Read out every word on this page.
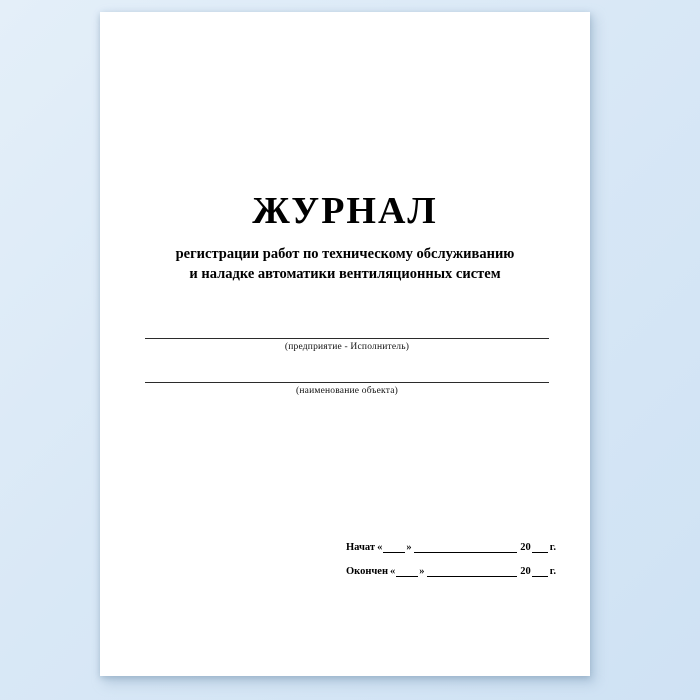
ЖУРНАЛ
регистрации работ по техническому обслуживанию
и наладке автоматики вентиляционных систем
(предприятие - Исполнитель)
(наименование объекта)
Начат « »	20 г.
Окончен « »	20 г.
